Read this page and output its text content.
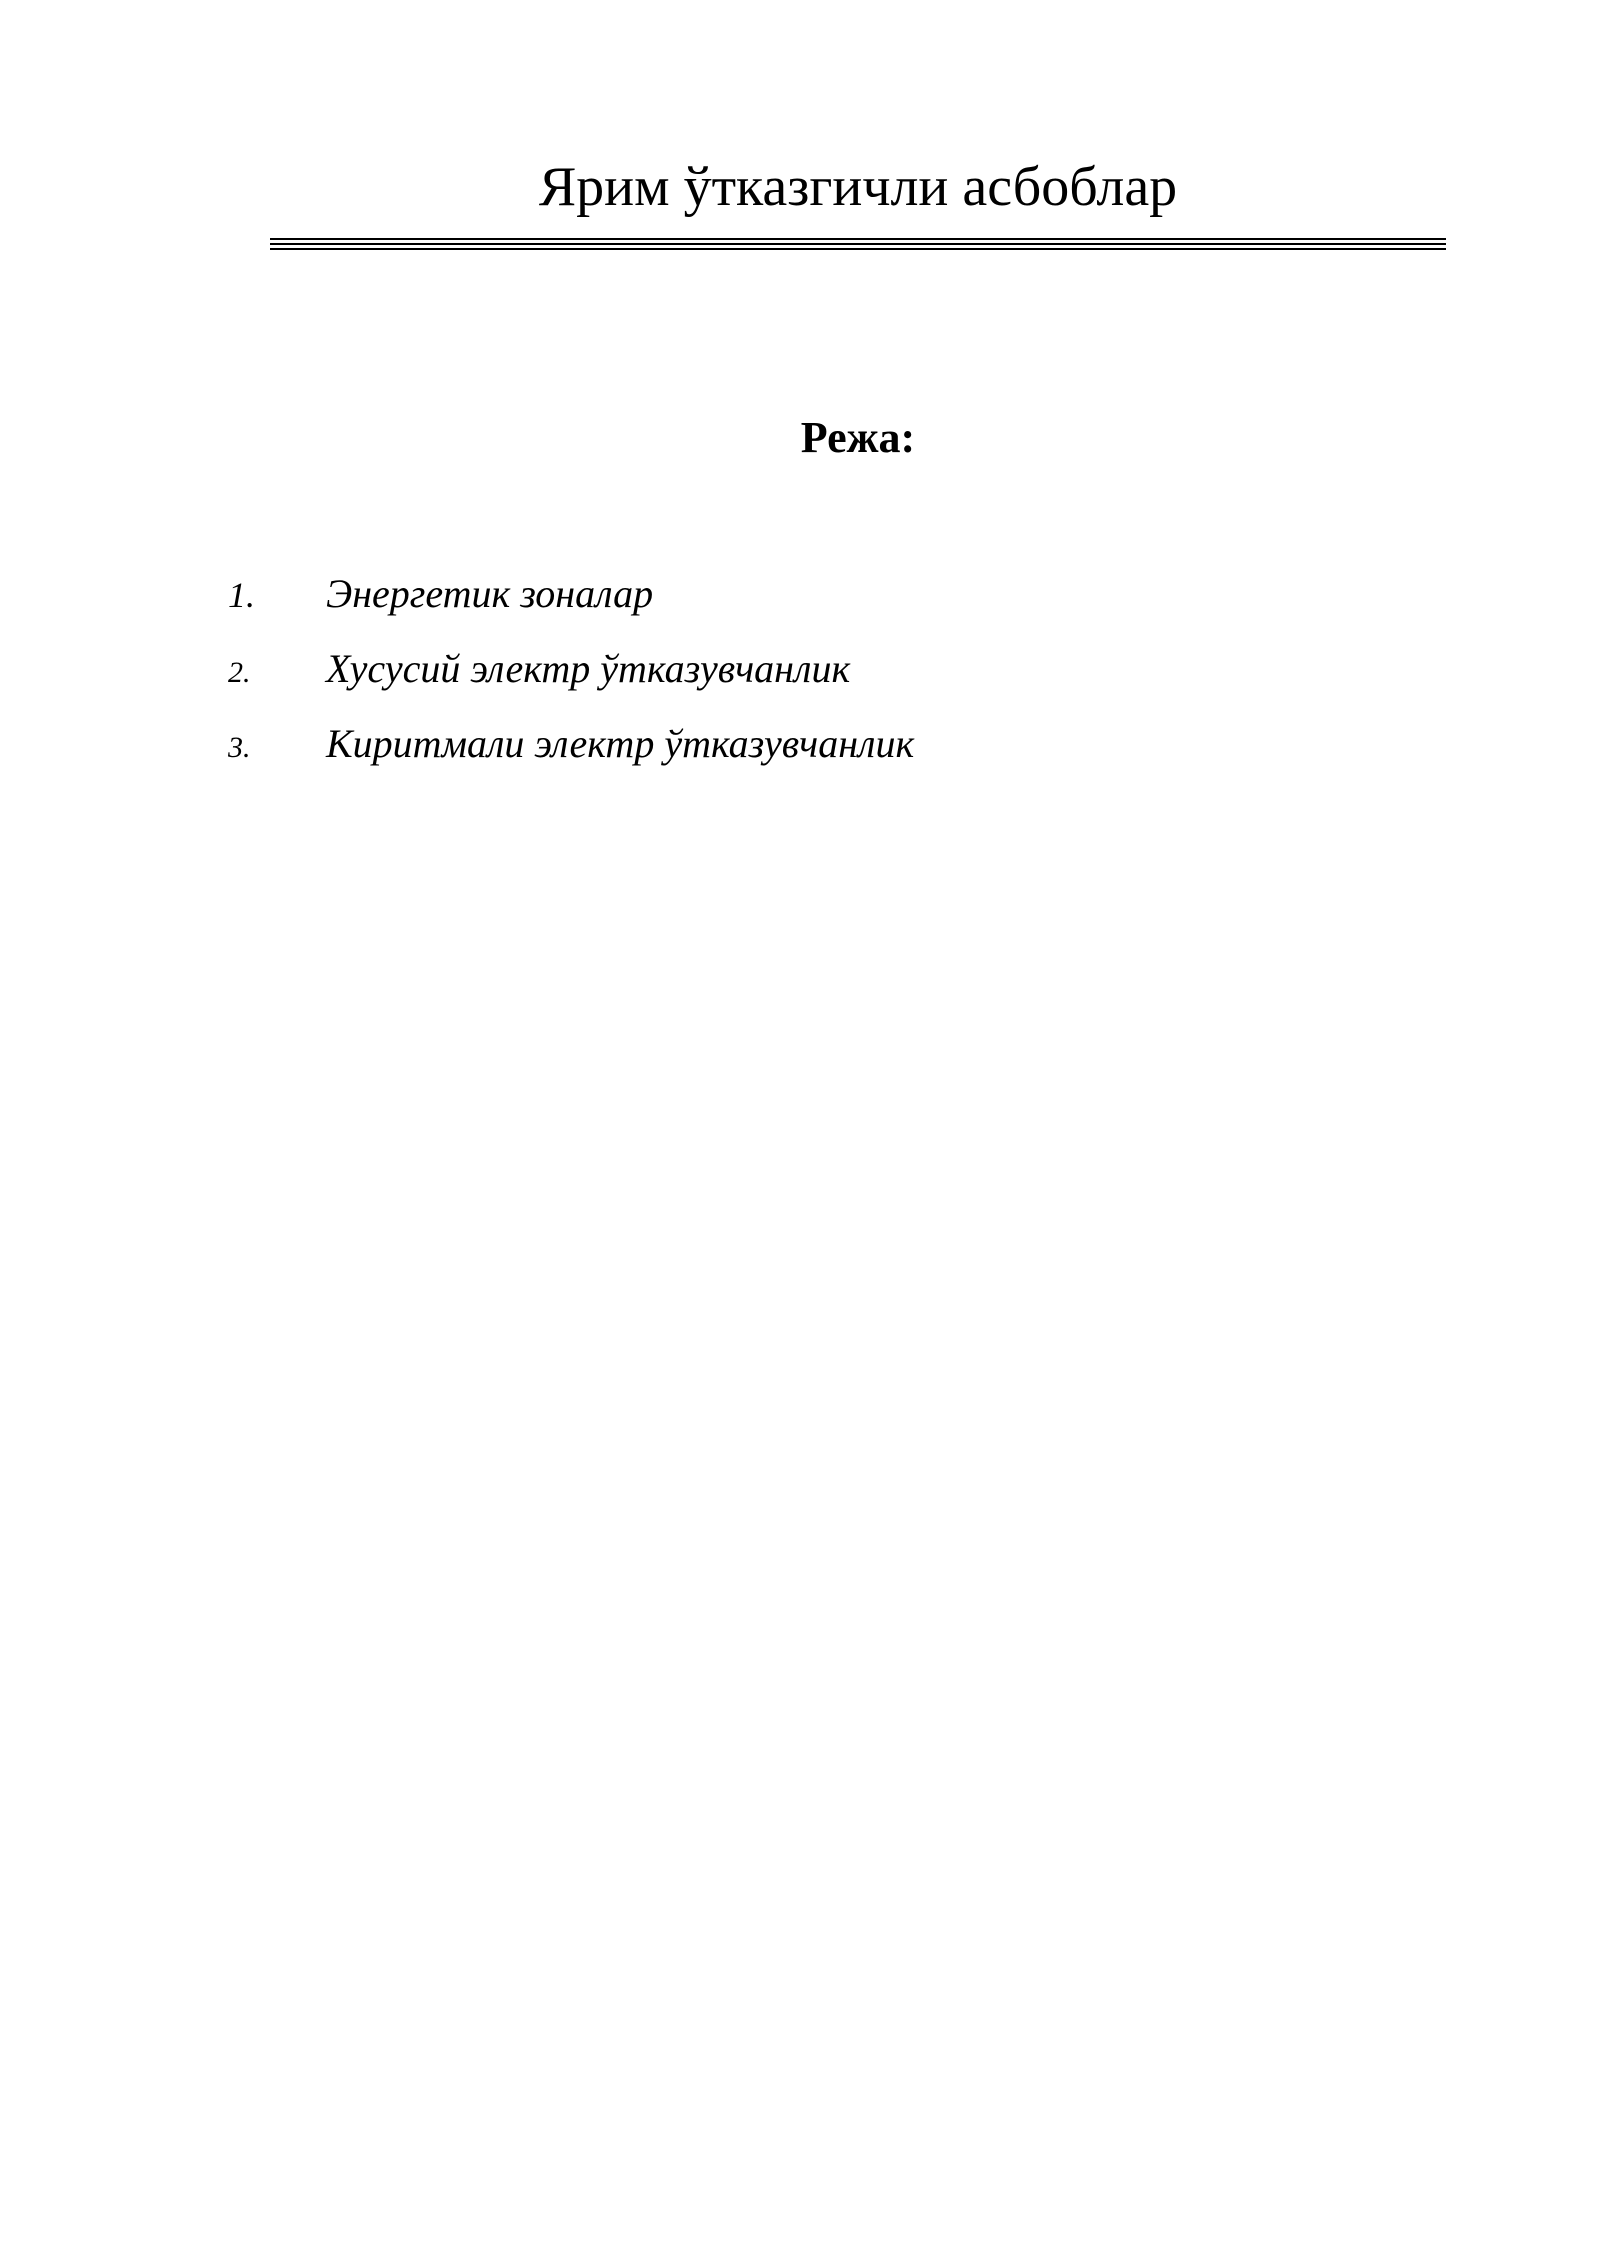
Ярим ўтказгичли асбоблар
Режа:
1.	Энергетик зоналар
2.	Хусусий электр ўтказувчанлик
3.	Киритмали электр ўтказувчанлик
